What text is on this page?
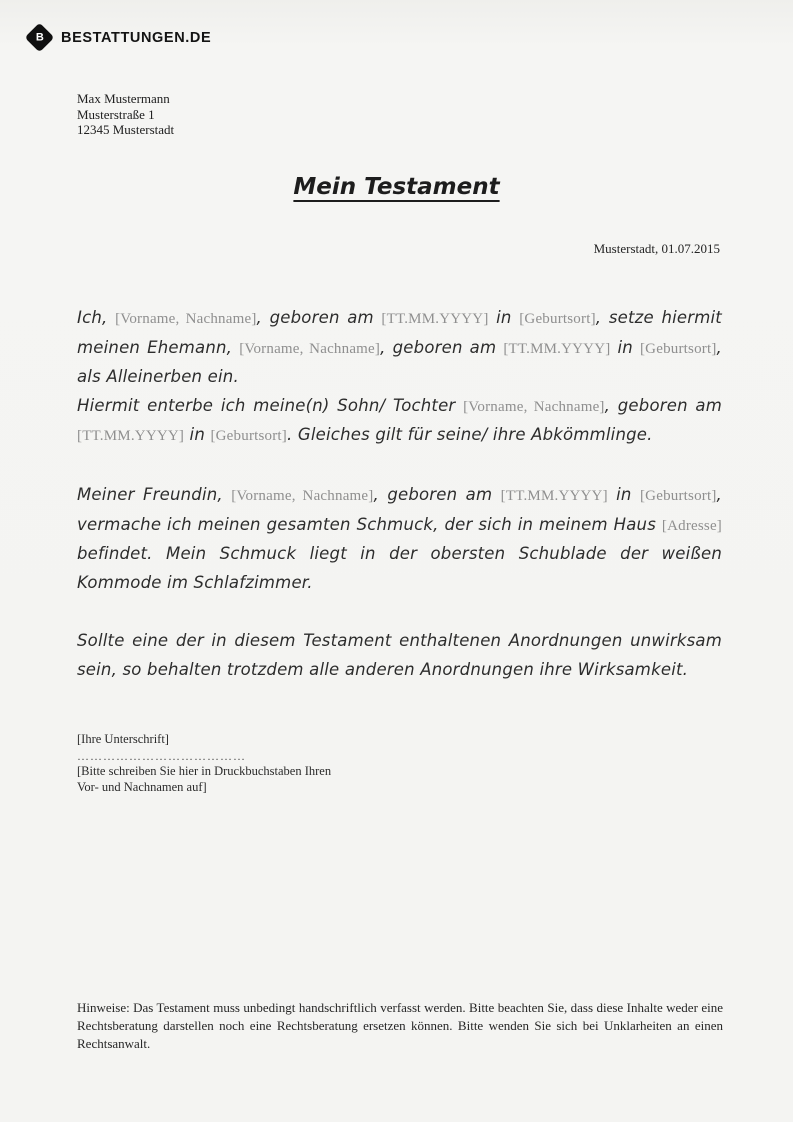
B BESTATTUNGEN.DE
Max Mustermann
Musterstraße 1
12345 Musterstadt
Mein Testament
Musterstadt, 01.07.2015

Ich, [Vorname, Nachname], geboren am [TT.MM.YYYY] in [Geburtsort], setze hiermit meinen Ehemann, [Vorname, Nachname], geboren am [TT.MM.YYYY] in [Geburtsort], als Alleinerben ein.

Hiermit enterbe ich meine(n) Sohn/ Tochter [Vorname, Nachname], geboren am [TT.MM.YYYY] in [Geburtsort]. Gleiches gilt für seine/ ihre Abkömmlinge.

Meiner Freundin, [Vorname, Nachname], geboren am [TT.MM.YYYY] in [Geburtsort], vermache ich meinen gesamten Schmuck, der sich in meinem Haus [Adresse] befindet. Mein Schmuck liegt in der obersten Schublade der weißen Kommode im Schlafzimmer.

Sollte eine der in diesem Testament enthaltenen Anordnungen unwirksam sein, so behalten trotzdem alle anderen Anordnungen ihre Wirksamkeit.

[Ihre Unterschrift]
…………………………………
[Bitte schreiben Sie hier in Druckbuchstaben Ihren
Vor- und Nachnamen auf]
Hinweise: Das Testament muss unbedingt handschriftlich verfasst werden. Bitte beachten Sie, dass diese Inhalte weder eine Rechtsberatung darstellen noch eine Rechtsberatung ersetzen können. Bitte wenden Sie sich bei Unklarheiten an einen Rechtsanwalt.
